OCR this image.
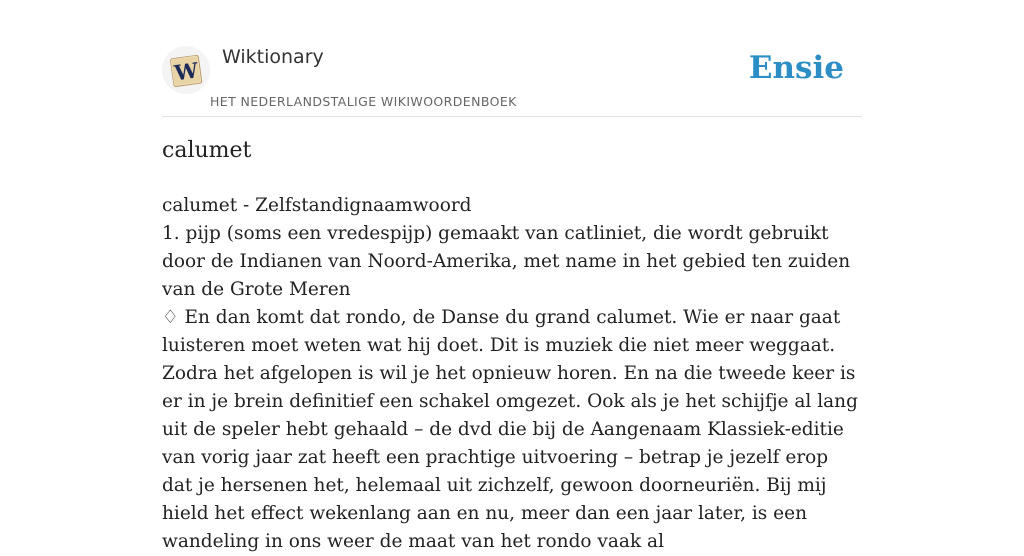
W
Wiktionary
HET NEDERLANDSTALIGE WIKIWOORDENBOEK
Ensie
calumet

calumet - Zelfstandignaamwoord

1. pijp (soms een vredespijp) gemaakt van catliniet, die wordt gebruikt door de Indianen van Noord-Amerika, met name in het gebied ten zuiden van de Grote Meren

♢ En dan komt dat rondo, de Danse du grand calumet. Wie er naar gaat luisteren moet weten wat hij doet. Dit is muziek die niet meer weggaat. Zodra het afgelopen is wil je het opnieuw horen. En na die tweede keer is er in je brein definitief een schakel omgezet. Ook als je het schijfje al lang uit de speler hebt gehaald – de dvd die bij de Aangenaam Klassiek-editie van vorig jaar zat heeft een prachtige uitvoering – betrap je jezelf erop dat je hersenen het, helemaal uit zichzelf, gewoon doorneuriën. Bij mij hield het effect wekenlang aan en nu, meer dan een jaar later, is een wandeling in ons weer de maat van het rondo vaak al
